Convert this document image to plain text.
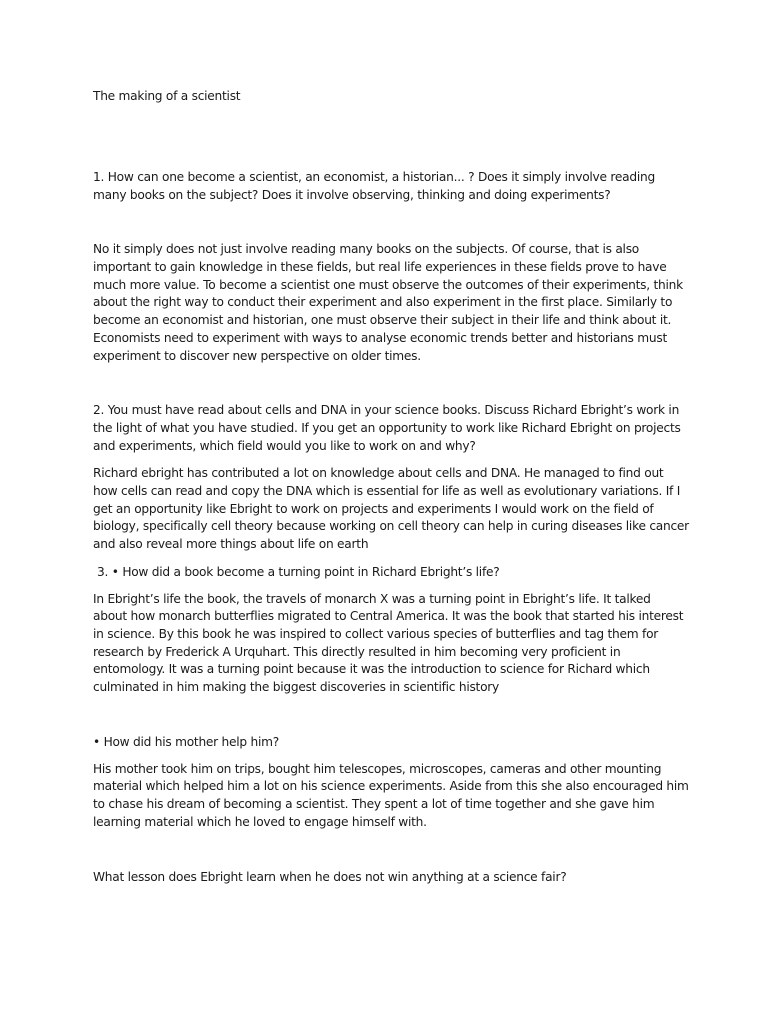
The making of a scientist
1. How can one become a scientist, an economist, a historian... ? Does it simply involve reading
many books on the subject? Does it involve observing, thinking and doing experiments?
No it simply does not just involve reading many books on the subjects. Of course, that is also
important to gain knowledge in these fields, but real life experiences in these fields prove to have
much more value. To become a scientist one must observe the outcomes of their experiments, think
about the right way to conduct their experiment and also experiment in the first place. Similarly to
become an economist and historian, one must observe their subject in their life and think about it.
Economists need to experiment with ways to analyse economic trends better and historians must
experiment to discover new perspective on older times.
2. You must have read about cells and DNA in your science books. Discuss Richard Ebright’s work in
the light of what you have studied. If you get an opportunity to work like Richard Ebright on projects
and experiments, which field would you like to work on and why?
Richard ebright has contributed a lot on knowledge about cells and DNA. He managed to find out
how cells can read and copy the DNA which is essential for life as well as evolutionary variations. If I
get an opportunity like Ebright to work on projects and experiments I would work on the field of
biology, specifically cell theory because working on cell theory can help in curing diseases like cancer
and also reveal more things about life on earth
3. • How did a book become a turning point in Richard Ebright’s life?
In Ebright’s life the book, the travels of monarch X was a turning point in Ebright’s life. It talked
about how monarch butterflies migrated to Central America. It was the book that started his interest
in science. By this book he was inspired to collect various species of butterflies and tag them for
research by Frederick A Urquhart. This directly resulted in him becoming very proficient in
entomology. It was a turning point because it was the introduction to science for Richard which
culminated in him making the biggest discoveries in scientific history
• How did his mother help him?
His mother took him on trips, bought him telescopes, microscopes, cameras and other mounting
material which helped him a lot on his science experiments. Aside from this she also encouraged him
to chase his dream of becoming a scientist. They spent a lot of time together and she gave him
learning material which he loved to engage himself with.
What lesson does Ebright learn when he does not win anything at a science fair?
